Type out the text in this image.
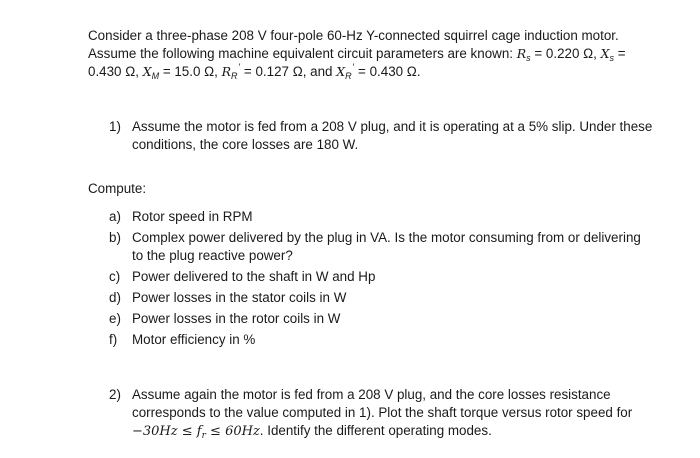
Consider a three-phase 208 V four-pole 60-Hz Y-connected squirrel cage induction motor.
Assume the following machine equivalent circuit parameters are known: $R_s = 0.220$ Ω, $X_s$ =
0.430 Ω, $X_M = 15.0$ Ω, $R_R' = 0.127$ Ω, and $X_R' = 0.430$ Ω.
1) Assume the motor is fed from a 208 V plug, and it is operating at a 5% slip. Under these
conditions, the core losses are 180 W.
Compute:
a) Rotor speed in RPM
b) Complex power delivered by the plug in VA. Is the motor consuming from or delivering
to the plug reactive power?
c) Power delivered to the shaft in W and Hp
d) Power losses in the stator coils in W
e) Power losses in the rotor coils in W
f) Motor efficiency in %
2) Assume again the motor is fed from a 208 V plug, and the core losses resistance
corresponds to the value computed in 1). Plot the shaft torque versus rotor speed for
$-30Hz \le f_r \le 60Hz$. Identify the different operating modes.
